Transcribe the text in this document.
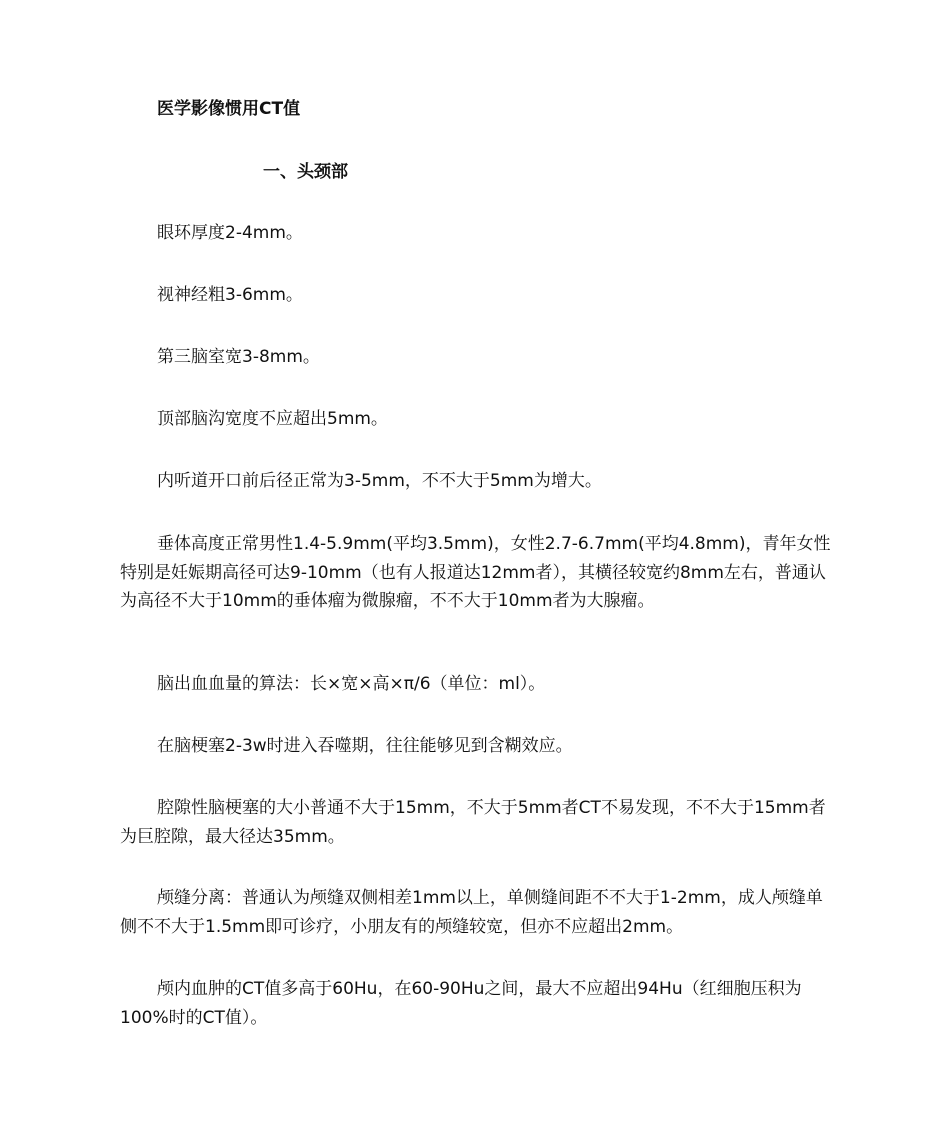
医学影像惯用CT值
一、头颈部

眼环厚度2-4mm。

视神经粗3-6mm。

第三脑室宽3-8mm。

顶部脑沟宽度不应超出5mm。

内听道开口前后径正常为3-5mm，不不大于5mm为增大。

垂体高度正常男性1.4-5.9mm(平均3.5mm)，女性2.7-6.7mm(平均4.8mm)，青年女性特别是妊娠期高径可达9-10mm（也有人报道达12mm者），其横径较宽约8mm左右，普通认为高径不大于10mm的垂体瘤为微腺瘤，不不大于10mm者为大腺瘤。

脑出血血量的算法：长×宽×高×π/6（单位：ml）。

在脑梗塞2-3w时进入吞噬期，往往能够见到含糊效应。

腔隙性脑梗塞的大小普通不大于15mm，不大于5mm者CT不易发现，不不大于15mm者为巨腔隙，最大径达35mm。

颅缝分离：普通认为颅缝双侧相差1mm以上，单侧缝间距不不大于1-2mm，成人颅缝单侧不不大于1.5mm即可诊疗，小朋友有的颅缝较宽，但亦不应超出2mm。

颅内血肿的CT值多高于60Hu，在60-90Hu之间，最大不应超出94Hu（红细胞压积为100%时的CT值）。
